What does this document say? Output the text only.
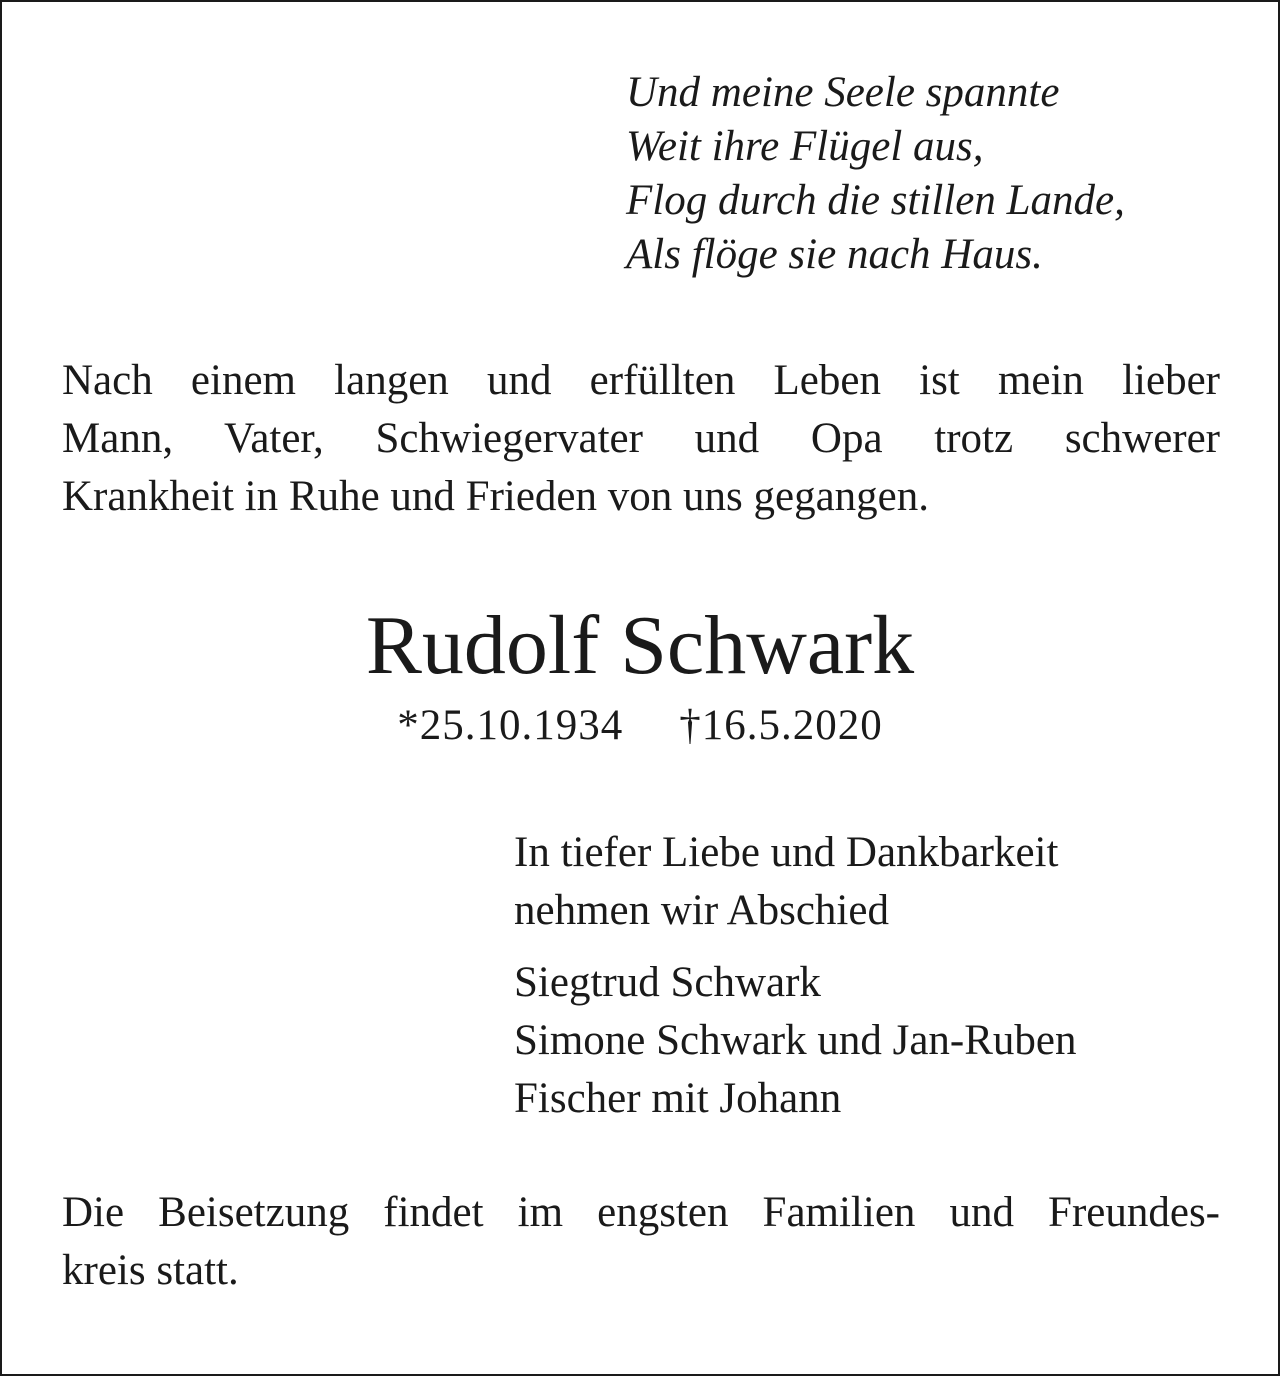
Und meine Seele spannte
Weit ihre Flügel aus,
Flog durch die stillen Lande,
Als flöge sie nach Haus.
Nach einem langen und erfüllten Leben ist mein lieber
Mann, Vater, Schwiegervater und Opa trotz schwerer
Krankheit in Ruhe und Frieden von uns gegangen.
Rudolf Schwark
*25.10.1934 †16.5.2020
In tiefer Liebe und Dankbarkeit
nehmen wir Abschied
Siegtrud Schwark
Simone Schwark und Jan-Ruben
Fischer mit Johann
Die Beisetzung findet im engsten Familien und Freundes-
kreis statt.
